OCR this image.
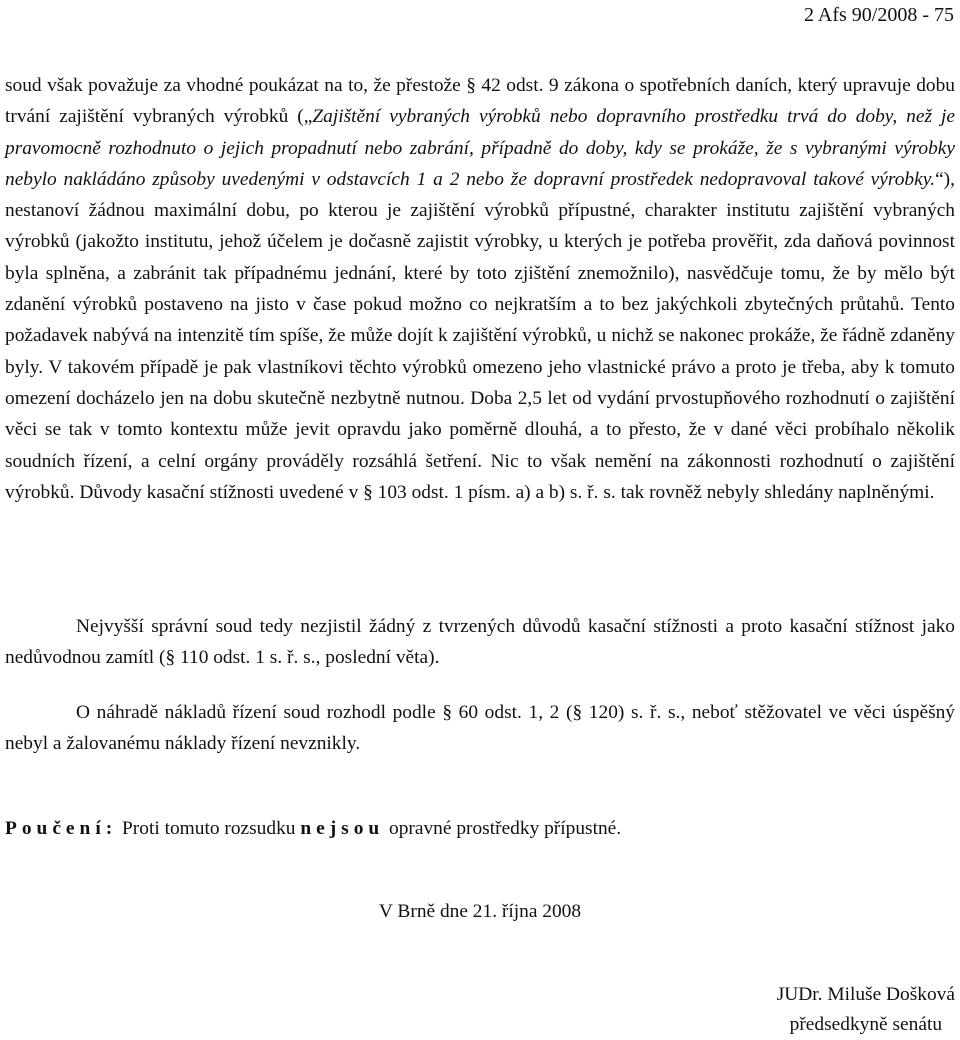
2 Afs 90/2008 - 75

soud však považuje za vhodné poukázat na to, že přestože § 42 odst. 9 zákona o spotřebních daních, který upravuje dobu trvání zajištění vybraných výrobků („Zajištění vybraných výrobků nebo dopravního prostředku trvá do doby, než je pravomocně rozhodnuto o jejich propadnutí nebo zabrání, případně do doby, kdy se prokáže, že s vybranými výrobky nebylo nakládáno způsoby uvedenými v odstavcích 1 a 2 nebo že dopravní prostředek nedopravoval takové výrobky.“), nestanoví žádnou maximální dobu, po kterou je zajištění výrobků přípustné, charakter institutu zajištění vybraných výrobků (jakožto institutu, jehož účelem je dočasně zajistit výrobky, u kterých je potřeba prověřit, zda daňová povinnost byla splněna, a zabránit tak případnému jednání, které by toto zjištění znemožnilo), nasvědčuje tomu, že by mělo být zdanění výrobků postaveno na jisto v čase pokud možno co nejkratším a to bez jakýchkoli zbytečných průtahů. Tento požadavek nabývá na intenzitě tím spíše, že může dojít k zajištění výrobků, u nichž se nakonec prokáže, že řádně zdaněny byly. V takovém případě je pak vlastníkovi těchto výrobků omezeno jeho vlastnické právo a proto je třeba, aby k tomuto omezení docházelo jen na dobu skutečně nezbytně nutnou. Doba 2,5 let od vydání prvostupňového rozhodnutí o zajištění věci se tak v tomto kontextu může jevit opravdu jako poměrně dlouhá, a to přesto, že v dané věci probíhalo několik soudních řízení, a celní orgány prováděly rozsáhlá šetření. Nic to však nemění na zákonnosti rozhodnutí o zajištění výrobků. Důvody kasační stížnosti uvedené v § 103 odst. 1 písm. a) a b) s. ř. s. tak rovněž nebyly shledány naplněnými.

Nejvyšší správní soud tedy nezjistil žádný z tvrzených důvodů kasační stížnosti a proto kasační stížnost jako nedůvodnou zamítl (§ 110 odst. 1 s. ř. s., poslední věta).

O náhradě nákladů řízení soud rozhodl podle § 60 odst. 1, 2 (§ 120) s. ř. s., neboť stěžovatel ve věci úspěšný nebyl a žalovanému náklady řízení nevznikly.

Poučení: Proti tomuto rozsudku nejsou opravné prostředky přípustné.

V Brně dne 21. října 2008
JUDr. Miluše Došková
předsedkyně senátu
